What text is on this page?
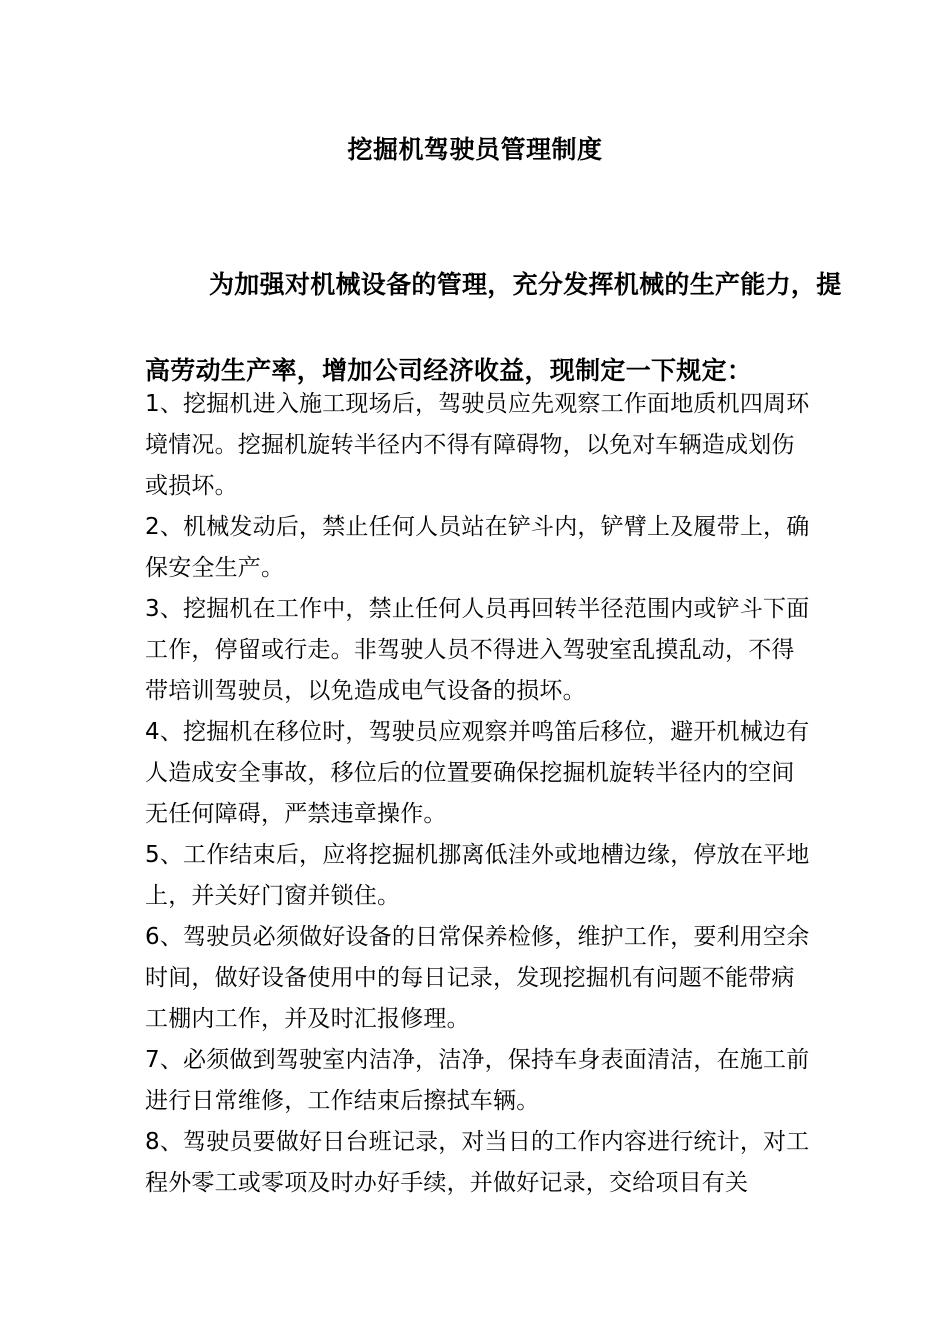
挖掘机驾驶员管理制度

为加强对机械设备的管理，充分发挥机械的生产能力，提高劳动生产率，增加公司经济收益，现制定一下规定：

1、挖掘机进入施工现场后，驾驶员应先观察工作面地质机四周环境情况。挖掘机旋转半径内不得有障碍物，以免对车辆造成划伤或损坏。
2、机械发动后，禁止任何人员站在铲斗内，铲臂上及履带上，确保安全生产。
3、挖掘机在工作中，禁止任何人员再回转半径范围内或铲斗下面工作，停留或行走。非驾驶人员不得进入驾驶室乱摸乱动，不得带培训驾驶员，以免造成电气设备的损坏。
4、挖掘机在移位时，驾驶员应观察并鸣笛后移位，避开机械边有人造成安全事故，移位后的位置要确保挖掘机旋转半径内的空间无任何障碍，严禁违章操作。
5、工作结束后，应将挖掘机挪离低洼外或地槽边缘，停放在平地上，并关好门窗并锁住。
6、驾驶员必须做好设备的日常保养检修，维护工作，要利用空余时间，做好设备使用中的每日记录，发现挖掘机有问题不能带病工棚内工作，并及时汇报修理。
7、必须做到驾驶室内洁净，洁净，保持车身表面清洁，在施工前进行日常维修，工作结束后擦拭车辆。
8、驾驶员要做好日台班记录，对当日的工作内容进行统计，对工程外零工或零项及时办好手续，并做好记录，交给项目有关
